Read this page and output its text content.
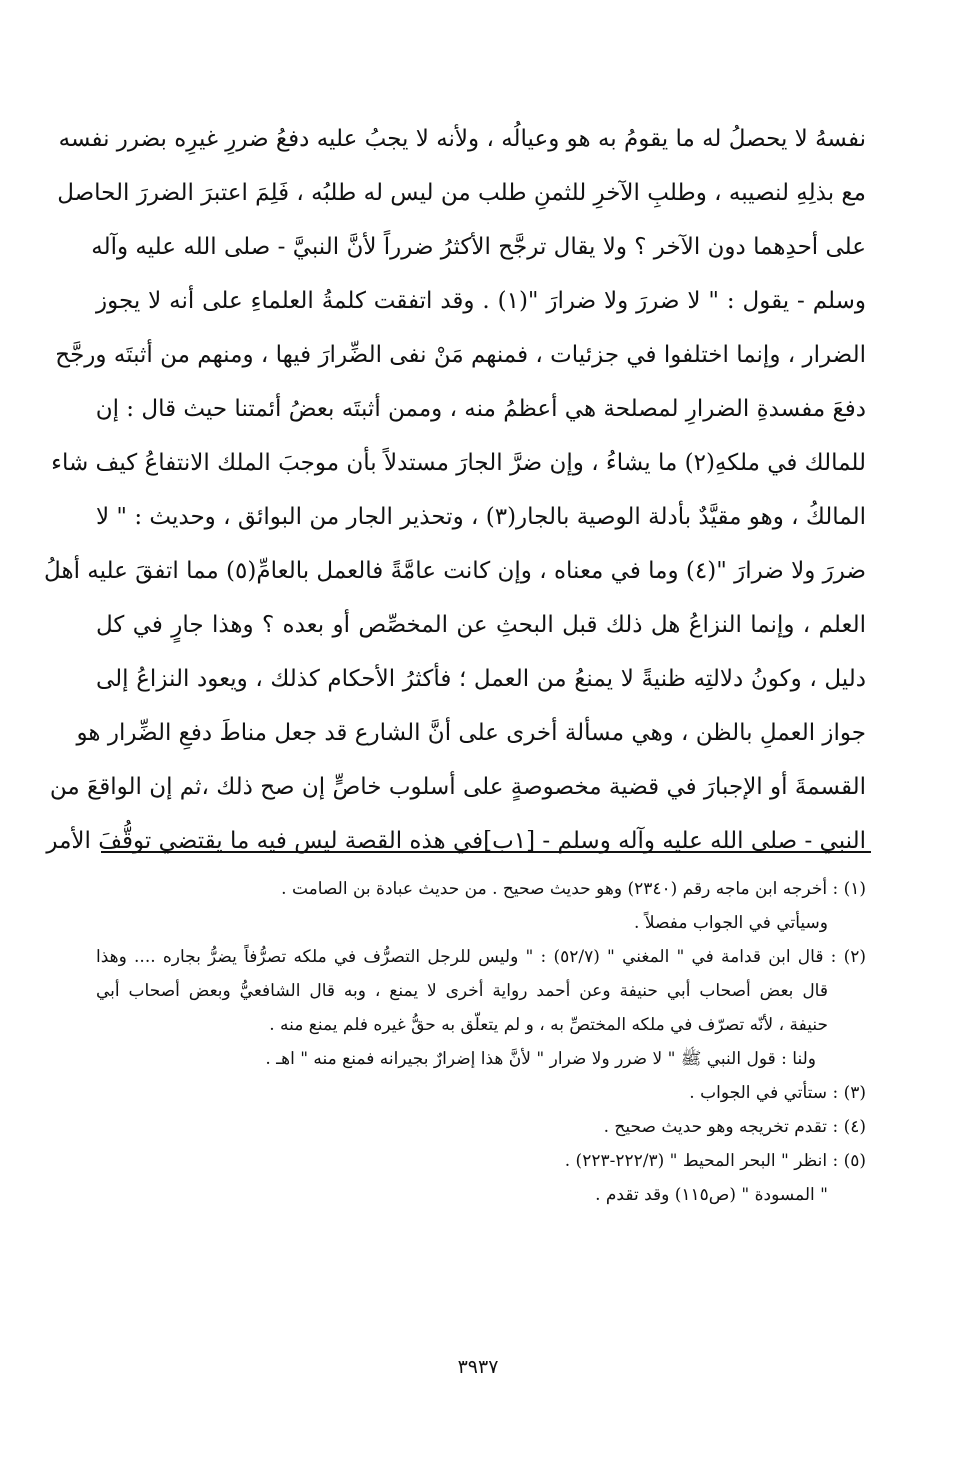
نفسهُ لا يحصلُ له ما يقومُ به هو وعيالُه ، ولأنه لا يجبُ عليه دفعُ ضررِ غيرِه بضرر نفسه
مع بذلِهِ لنصيبه ، وطلبِ الآخرِ للثمنِ طلب من ليس له طلبُه ، فَلِمَ اعتبرَ الضررَ الحاصل
على أحدِهما دون الآخر ؟ ولا يقال ترجَّح الأكثرُ ضرراً لأنَّ النبيَّ - صلى الله عليه وآله
وسلم - يقول : " لا ضررَ ولا ضرارَ "(١) . وقد اتفقت كلمةُ العلماءِ على أنه لا يجوز
الضرار ، وإنما اختلفوا في جزئيات ، فمنهم مَنْ نفى الضِّرارَ فيها ، ومنهم من أثبتَه ورجَّح
دفعَ مفسدةِ الضرارِ لمصلحة هي أعظمُ منه ، وممن أثبتَه بعضُ أئمتنا حيث قال : إن
للمالك في ملكهِ(٢) ما يشاءُ ، وإن ضرَّ الجارَ مستدلاً بأن موجبَ الملك الانتفاعُ كيف شاء
المالكُ ، وهو مقيَّدٌ بأدلة الوصية بالجار(٣) ، وتحذير الجار من البوائق ، وحديث : " لا
ضررَ ولا ضرارَ "(٤) وما في معناه ، وإن كانت عامَّةً فالعمل بالعامِّ(٥) مما اتفقَ عليه أهلُ
العلم ، وإنما النزاعُ هل ذلك قبل البحثِ عن المخصِّص أو بعده ؟ وهذا جارٍ في كل
دليل ، وكونُ دلالتِه ظنيةً لا يمنعُ من العمل ؛ فأكثرُ الأحكام كذلك ، ويعود النزاعُ إلى
جواز العملِ بالظن ، وهي مسألة أخرى على أنَّ الشارع قد جعل مناطَ دفعِ الضِّرار هو
القسمةَ أو الإجبارَ في قضية مخصوصةٍ على أسلوب خاصٍّ إن صح ذلك ،ثم إن الواقعَ من
النبي - صلى الله عليه وآله وسلم - [١ب]في هذه القصة ليس فيه ما يقتضي توقُّفَ الأمر
(١) : أخرجه ابن ماجه رقم (٢٣٤٠) وهو حديث صحيح . من حديث عبادة بن الصامت .
وسيأتي في الجواب مفصلاً .
(٢) : قال ابن قدامة في " المغني " (٥٢/٧) : " وليس للرجل التصرُّف في ملكه تصرُّفاً يضرُّ بجاره .... وهذا
قال بعض أصحاب أبي حنيفة وعن أحمد رواية أخرى لا يمنع ، وبه قال الشافعيُّ وبعض أصحاب أبي
حنيفة ، لأنّه تصرّف في ملكه المختصِّ به ، و لم يتعلّق به حقُّ غيره فلم يمنع منه .
ولنا : قول النبي ﷺ " لا ضرر ولا ضرار " لأنَّ هذا إضرارٌ بجيرانه فمنع منه " اهـ .
(٣) : ستأتي في الجواب .
(٤) : تقدم تخريجه وهو حديث صحيح .
(٥) : انظر " البحر المحيط " (٢٢٢/٣-٢٢٣) .
" المسودة " (ص١١٥) وقد تقدم .
٣٩٣٧
